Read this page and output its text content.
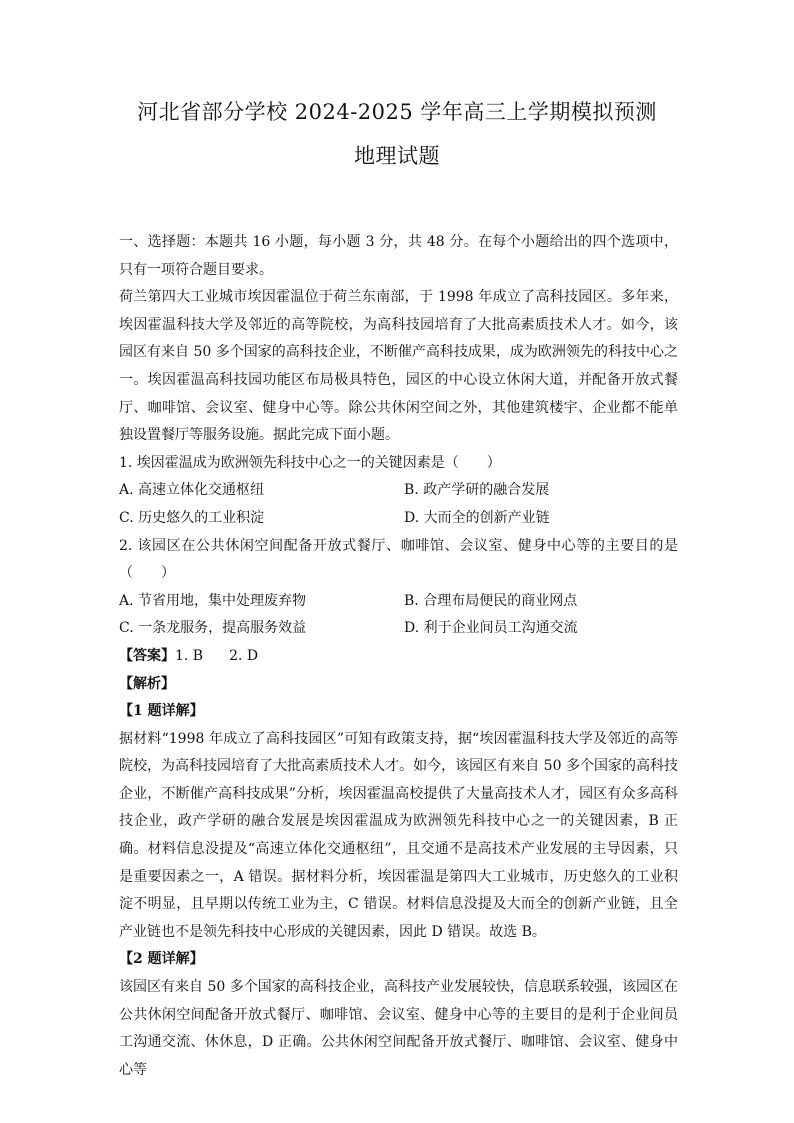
河北省部分学校 2024-2025 学年高三上学期模拟预测
地理试题

一、选择题：本题共 16 小题，每小题 3 分，共 48 分。在每个小题给出的四个选项中，只有一项符合题目要求。

荷兰第四大工业城市埃因霍温位于荷兰东南部，于 1998 年成立了高科技园区。多年来，埃因霍温科技大学及邻近的高等院校，为高科技园培育了大批高素质技术人才。如今，该园区有来自 50 多个国家的高科技企业，不断催产高科技成果，成为欧洲领先的科技中心之一。埃因霍温高科技园功能区布局极具特色，园区的中心设立休闲大道，并配备开放式餐厅、咖啡馆、会议室、健身中心等。除公共休闲空间之外，其他建筑楼宇、企业都不能单独设置餐厅等服务设施。据此完成下面小题。

1. 埃因霍温成为欧洲领先科技中心之一的关键因素是（　　）

A. 高速立体化交通枢纽	B. 政产学研的融合发展
C. 历史悠久的工业积淀	D. 大而全的创新产业链

2. 该园区在公共休闲空间配备开放式餐厅、咖啡馆、会议室、健身中心等的主要目的是（　　）

A. 节省用地，集中处理废弃物	B. 合理布局便民的商业网点
C. 一条龙服务，提高服务效益	D. 利于企业间员工沟通交流

【答案】1. B 2. D

【解析】

【1 题详解】

据材料“1998 年成立了高科技园区”可知有政策支持，据“埃因霍温科技大学及邻近的高等院校，为高科技园培育了大批高素质技术人才。如今，该园区有来自 50 多个国家的高科技企业，不断催产高科技成果”分析，埃因霍温高校提供了大量高技术人才，园区有众多高科技企业，政产学研的融合发展是埃因霍温成为欧洲领先科技中心之一的关键因素，B 正确。材料信息没提及“高速立体化交通枢纽”，且交通不是高技术产业发展的主导因素，只是重要因素之一，A 错误。据材料分析，埃因霍温是第四大工业城市，历史悠久的工业积淀不明显，且早期以传统工业为主，C 错误。材料信息没提及大而全的创新产业链，且全产业链也不是领先科技中心形成的关键因素，因此 D 错误。故选 B。

【2 题详解】

该园区有来自 50 多个国家的高科技企业，高科技产业发展较快，信息联系较强，该园区在公共休闲空间配备开放式餐厅、咖啡馆、会议室、健身中心等的主要目的是利于企业间员工沟通交流、休休息，D 正确。公共休闲空间配备开放式餐厅、咖啡馆、会议室、健身中心等
